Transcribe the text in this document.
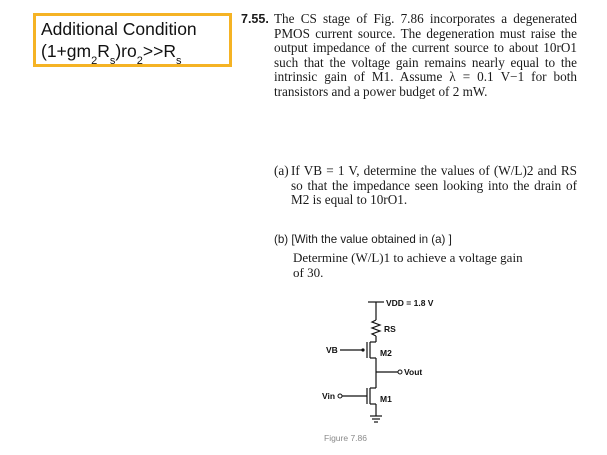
Additional Condition
$(1+gm_2R_s)ro_2>>R_s$
7.55. The CS stage of Fig. 7.86 incorporates a degenerated PMOS current source. The degeneration must raise the output impedance of the current source to about 10rO1 such that the voltage gain remains nearly equal to the intrinsic gain of M1. Assume λ = 0.1 V−1 for both transistors and a power budget of 2 mW.
(a) If VB = 1 V, determine the values of (W/L)2 and RS so that the impedance seen looking into the drain of M2 is equal to 10rO1.
(b) [With the value obtained in (a) ]
Determine (W/L)1 to achieve a voltage gain of 30.
VDD = 1.8 V
RS
VB	M2
Vout
Vin	M1
Figure 7.86
